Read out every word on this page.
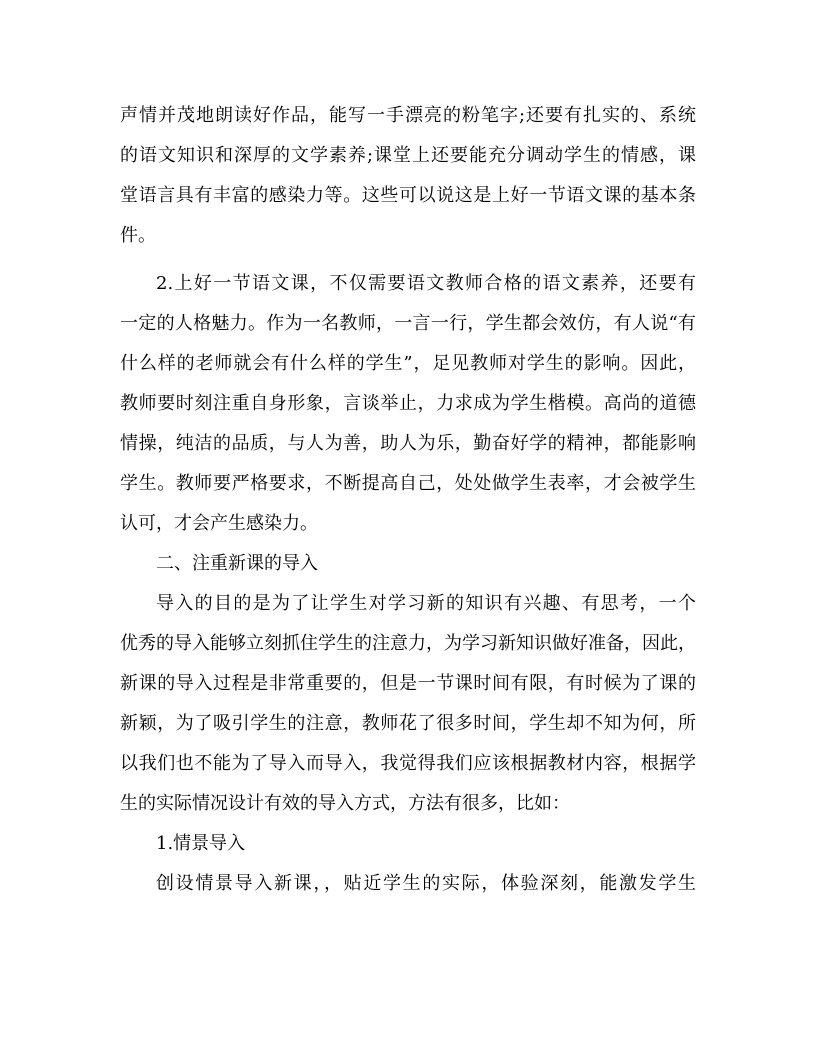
声情并茂地朗读好作品，能写一手漂亮的粉笔字;还要有扎实的、系统
的语文知识和深厚的文学素养;课堂上还要能充分调动学生的情感，课
堂语言具有丰富的感染力等。这些可以说这是上好一节语文课的基本条
件。
2.上好一节语文课，不仅需要语文教师合格的语文素养，还要有
一定的人格魅力。作为一名教师，一言一行，学生都会效仿，有人说“有
什么样的老师就会有什么样的学生”，足见教师对学生的影响。因此，
教师要时刻注重自身形象，言谈举止，力求成为学生楷模。高尚的道德
情操，纯洁的品质，与人为善，助人为乐，勤奋好学的精神，都能影响
学生。教师要严格要求，不断提高自己，处处做学生表率，才会被学生
认可，才会产生感染力。
二、注重新课的导入
导入的目的是为了让学生对学习新的知识有兴趣、有思考，一个
优秀的导入能够立刻抓住学生的注意力，为学习新知识做好准备，因此，
新课的导入过程是非常重要的，但是一节课时间有限，有时候为了课的
新颖，为了吸引学生的注意，教师花了很多时间，学生却不知为何，所
以我们也不能为了导入而导入，我觉得我们应该根据教材内容，根据学
生的实际情况设计有效的导入方式，方法有很多，比如：
1.情景导入
创设情景导入新课，，贴近学生的实际，体验深刻，能激发学生
